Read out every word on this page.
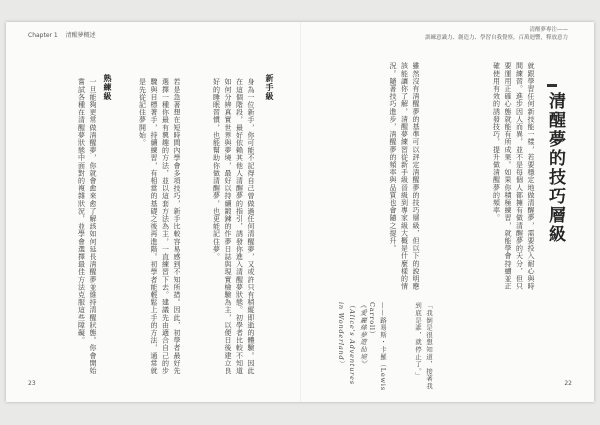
Chapter 1 清醒夢概述
清醒夢專注——
訓練意識力、創造力、學習自我覺察，百萬迴響，釋放意力
清醒夢的技巧層級
就跟學習任何新技能一樣，若要穩定地做清醒夢，需要投入耐心與時間練習。進步因人而異，並不是每個人都擁有做清醒夢的天分，但只要運用正確心態就能有所成果。如果你積極練習，就能學會持續並正確使用有效的誘發技巧，提升做清醒夢的頻率。
雖然沒有清醒夢的基準可以評定清醒夢的技巧層級，但以下的說明應該能讓你了解，清醒夢練習從新手級晉級到專家級大概是什麼樣的情況。隨著技巧進步，清醒夢的頻率與品質也會隨之提升。
「我倒是很想知道，接著我到底是誰，就停止了。」
——路易斯・卡羅（Lewis Carroll）
《愛麗絲夢遊仙境》（Alice's Adventures in Wonderland）
22
新手級
身為一位新手，你可能不記得自己曾做過任何清醒夢，又或許只有稍縱即逝的體驗。因此在這個階段，最好依賴其他人清醒夢的指引，誘發你進入清醒夢狀態。初學者比較不知道如何分辨真實世界與夢境，最好以持續鍛鍊的作夢日誌與現實檢驗為主，以便日後建立良好的睡眠習慣，也能幫助你做清醒夢，也更能記住夢。
若是急著想在短時間內學會多項技巧，新手比較容易感到不知所措。因此，初學者最好先選擇一種你最有興趣的方法，並以這套方法為主，一直練習下去。建議先由適合自己的步驟與目標著手，持續練習，有相當的基礎之後再進階。初學者能輕鬆上手的方法，通常就是先從記住夢開始。
熟練級
一旦能夠更常做清醒夢，你就會愈來愈了解該如何延長清醒夢並維持清醒狀態。你會開始嘗試各種在清醒夢狀態中面對的複雜狀況，並學會選擇最佳方法克服這些障礙。
23
